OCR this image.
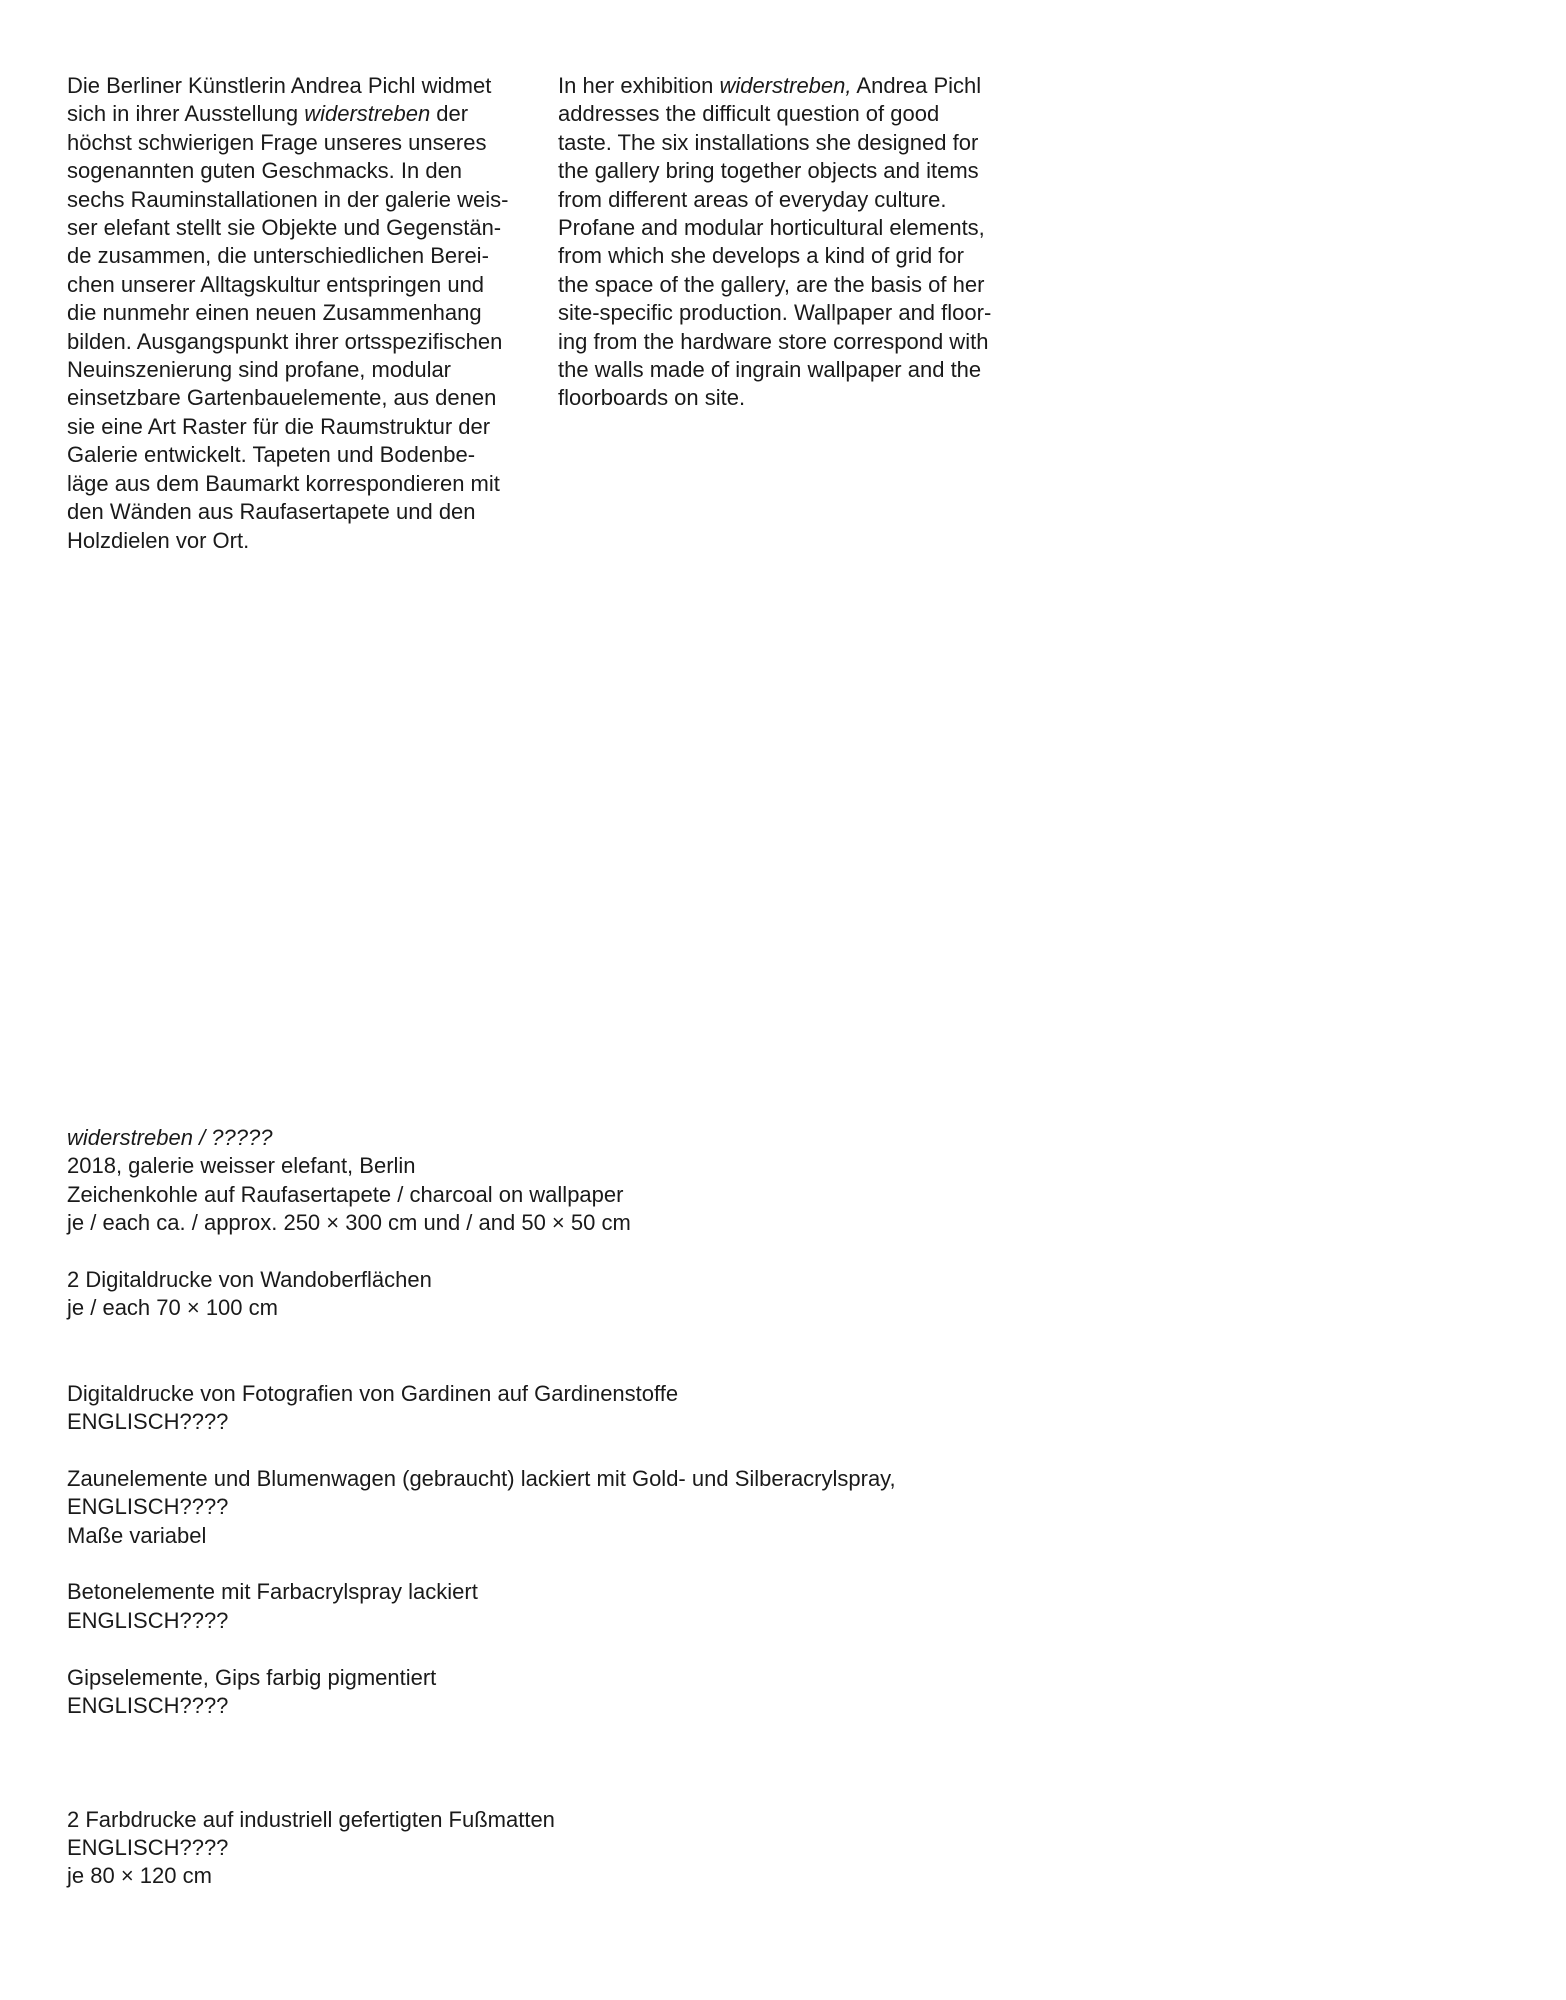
Die Berliner Künstlerin Andrea Pichl widmet
sich in ihrer Ausstellung widerstreben der
höchst schwierigen Frage unseres unseres
sogenannten guten Geschmacks. In den
sechs Rauminstallationen in der galerie weis-
ser elefant stellt sie Objekte und Gegenstän-
de zusammen, die unterschiedlichen Berei-
chen unserer Alltagskultur entspringen und
die nunmehr einen neuen Zusammenhang
bilden. Ausgangspunkt ihrer ortsspezifischen
Neuinszenierung sind profane, modular
einsetzbare Gartenbauelemente, aus denen
sie eine Art Raster für die Raumstruktur der
Galerie entwickelt. Tapeten und Bodenbe-
läge aus dem Baumarkt korrespondieren mit
den Wänden aus Raufasertapete und den
Holzdielen vor Ort.
In her exhibition widerstreben, Andrea Pichl
addresses the difficult question of good
taste. The six installations she designed for
the gallery bring together objects and items
from different areas of everyday culture.
Profane and modular horticultural elements,
from which she develops a kind of grid for
the space of the gallery, are the basis of her
site-specific production. Wallpaper and floor-
ing from the hardware store correspond with
the walls made of ingrain wallpaper and the
floorboards on site.
widerstreben / ?????
2018, galerie weisser elefant, Berlin
Zeichenkohle auf Raufasertapete / charcoal on wallpaper
je / each ca. / approx. 250 × 300 cm und / and 50 × 50 cm
2 Digitaldrucke von Wandoberflächen
je / each 70 × 100 cm
Digitaldrucke von Fotografien von Gardinen auf Gardinenstoffe
ENGLISCH????
Zaunelemente und Blumenwagen (gebraucht) lackiert mit Gold- und Silberacrylspray,
ENGLISCH????
Maße variabel
Betonelemente mit Farbacrylspray lackiert
ENGLISCH????
Gipselemente, Gips farbig pigmentiert
ENGLISCH????
2 Farbdrucke auf industriell gefertigten Fußmatten
ENGLISCH????
je 80 × 120 cm
